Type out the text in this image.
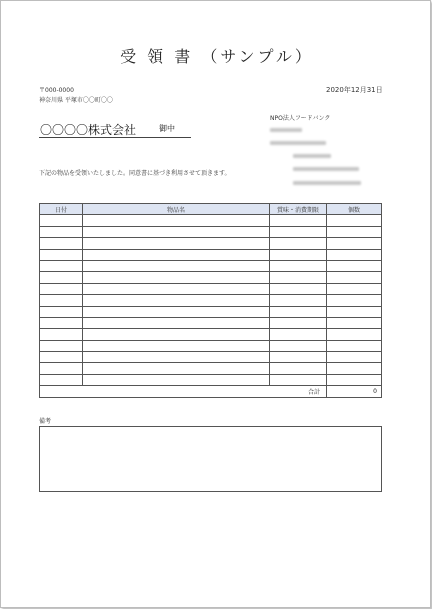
受 領 書 （サンプル）
〒000-0000
神奈川県 平塚市〇〇町〇〇
2020年12月31日
NPO法人フードバンク
〇〇〇〇株式会社	御中
下記の物品を受領いたしました。同意書に基づき利用させて頂きます。
日付	物品名	賞味・消費期限	個数

		合計	0
備考
